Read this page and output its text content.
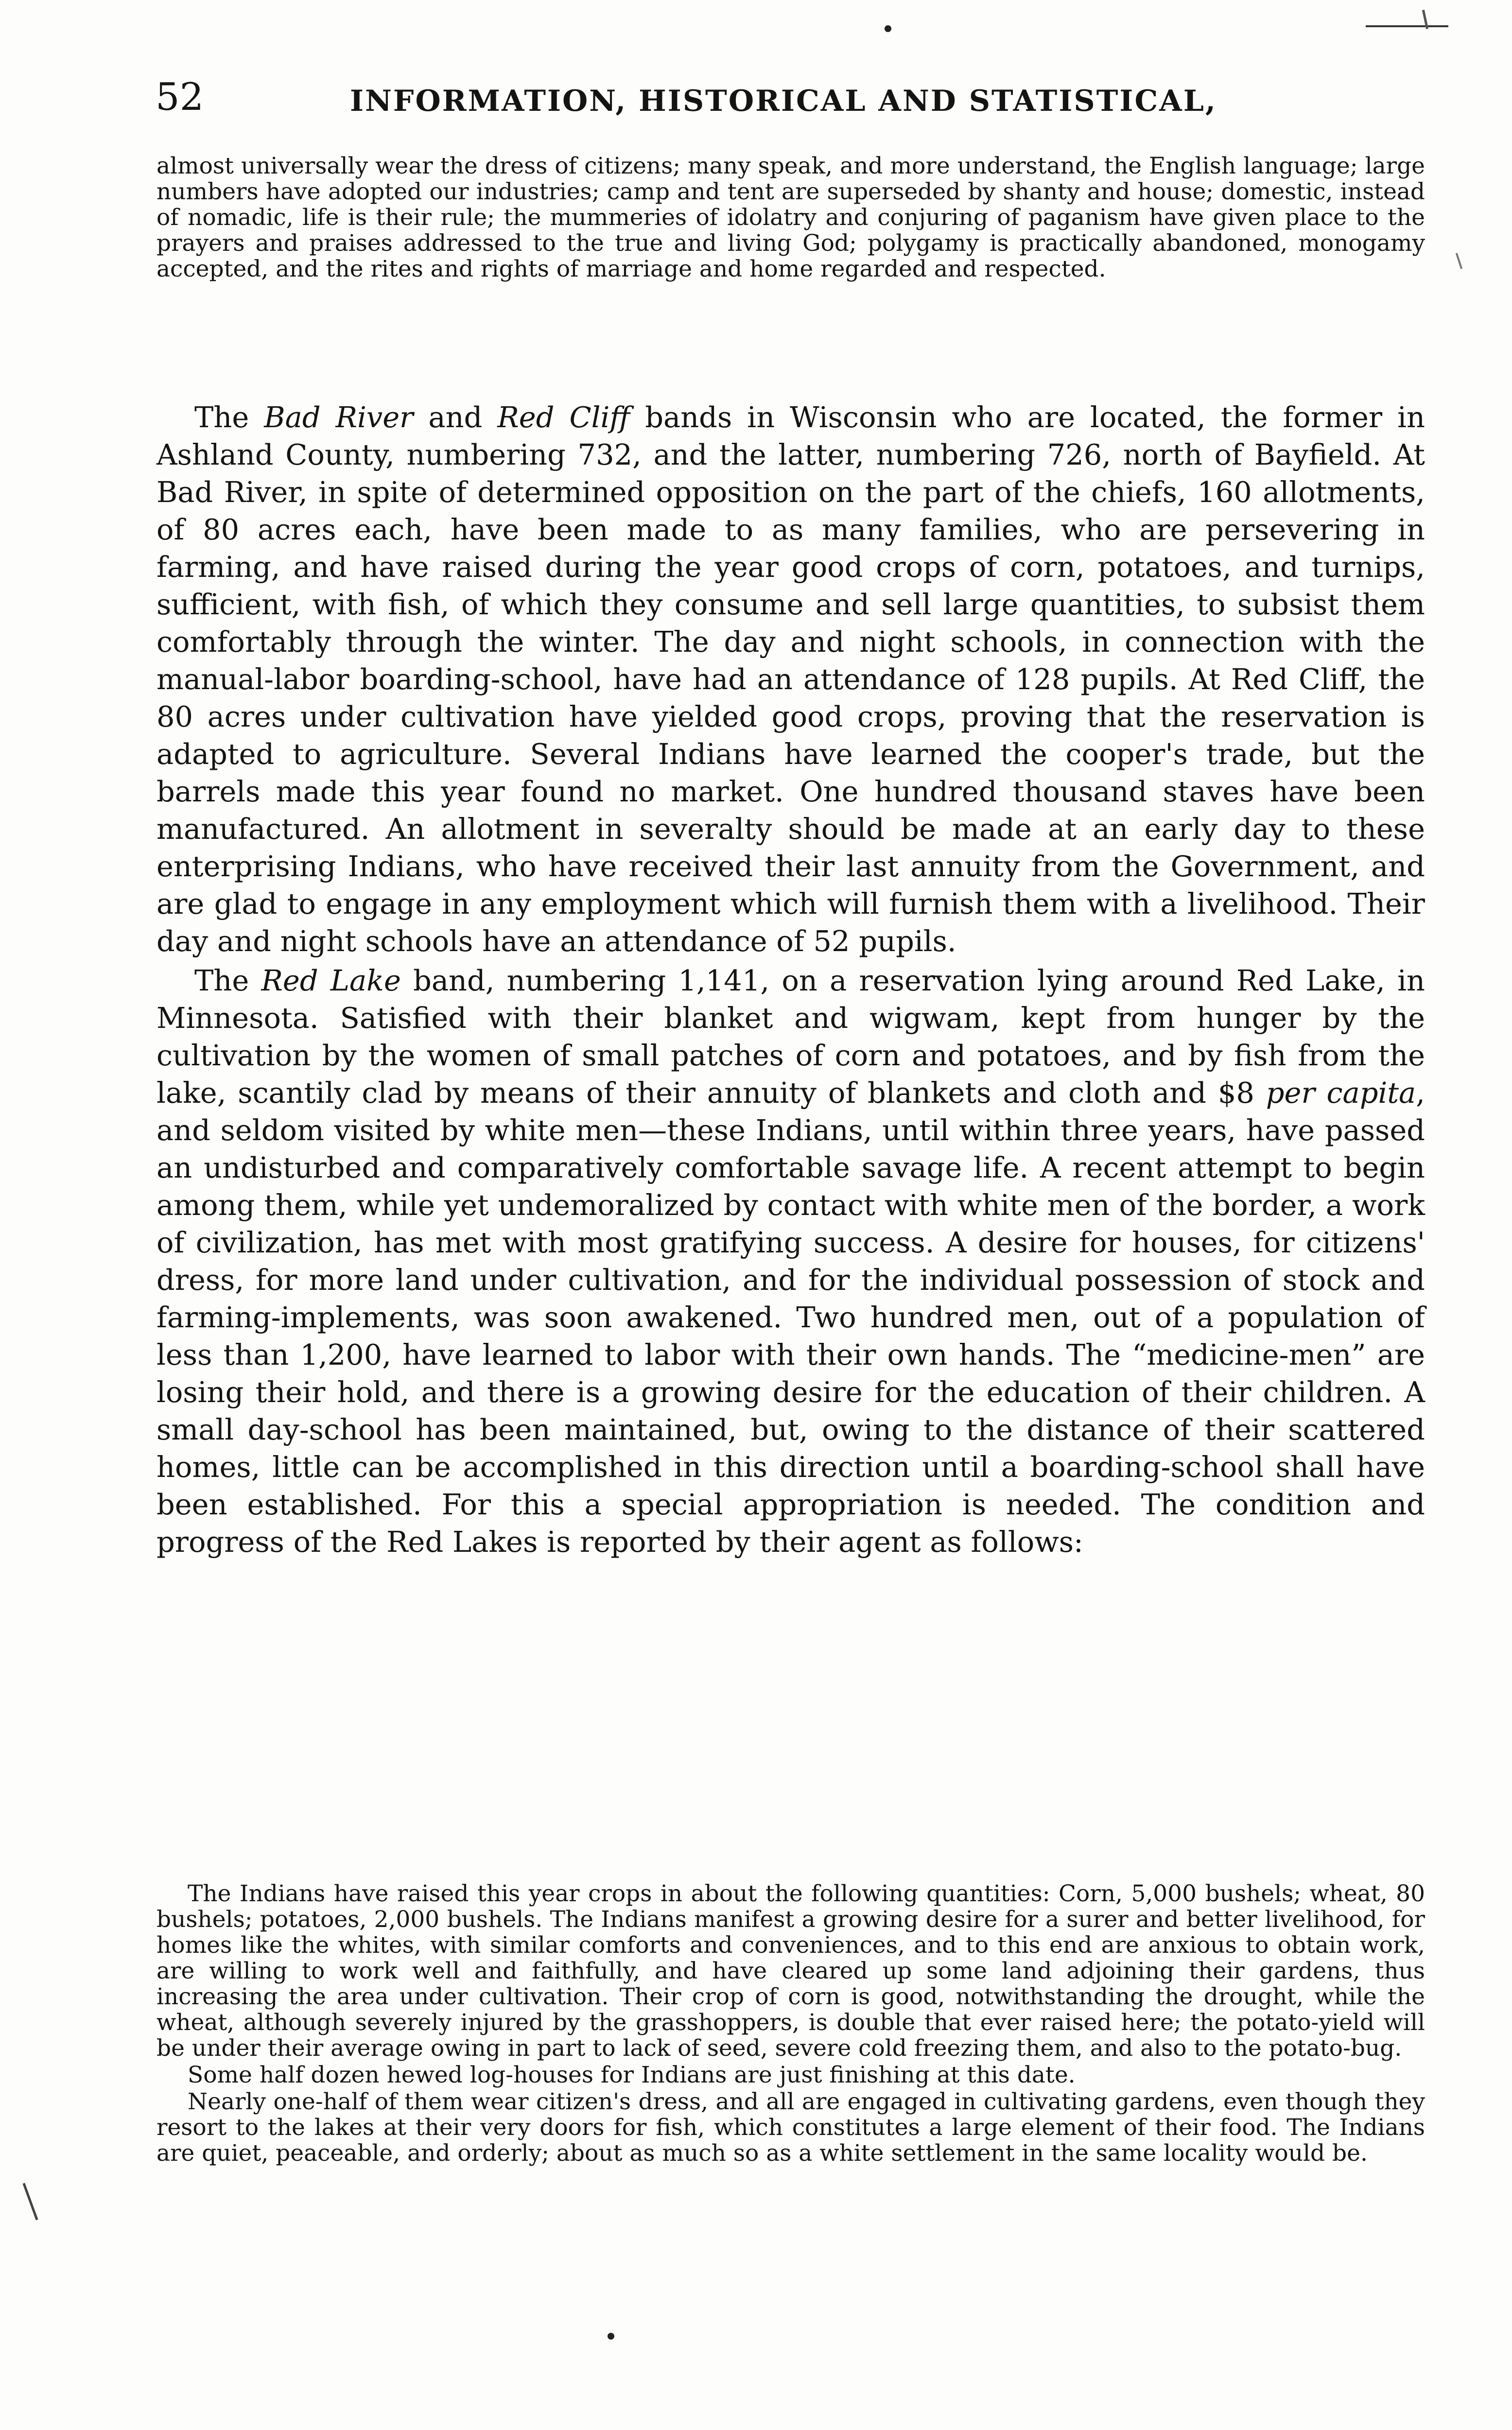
52	INFORMATION, HISTORICAL AND STATISTICAL,

almost universally wear the dress of citizens; many speak, and more understand, the English language; large numbers have adopted our industries; camp and tent are superseded by shanty and house; domestic, instead of nomadic, life is their rule; the mummeries of idolatry and conjuring of paganism have given place to the prayers and praises addressed to the true and living God; polygamy is practically abandoned, monogamy accepted, and the rites and rights of marriage and home regarded and respected.

The Bad River and Red Cliff bands in Wisconsin who are located, the former in Ashland County, numbering 732, and the latter, numbering 726, north of Bayfield. At Bad River, in spite of determined opposition on the part of the chiefs, 160 allotments, of 80 acres each, have been made to as many families, who are persevering in farming, and have raised during the year good crops of corn, potatoes, and turnips, sufficient, with fish, of which they consume and sell large quantities, to subsist them comfortably through the winter. The day and night schools, in connection with the manual-labor boarding-school, have had an attendance of 128 pupils. At Red Cliff, the 80 acres under cultivation have yielded good crops, proving that the reservation is adapted to agriculture. Several Indians have learned the cooper's trade, but the barrels made this year found no market. One hundred thousand staves have been manufactured. An allotment in severalty should be made at an early day to these enterprising Indians, who have received their last annuity from the Government, and are glad to engage in any employment which will furnish them with a livelihood. Their day and night schools have an attendance of 52 pupils.

The Red Lake band, numbering 1,141, on a reservation lying around Red Lake, in Minnesota. Satisfied with their blanket and wigwam, kept from hunger by the cultivation by the women of small patches of corn and potatoes, and by fish from the lake, scantily clad by means of their annuity of blankets and cloth and $8 per capita, and seldom visited by white men—these Indians, until within three years, have passed an undisturbed and comparatively comfortable savage life. A recent attempt to begin among them, while yet undemoralized by contact with white men of the border, a work of civilization, has met with most gratifying success. A desire for houses, for citizens' dress, for more land under cultivation, and for the individual possession of stock and farming-implements, was soon awakened. Two hundred men, out of a population of less than 1,200, have learned to labor with their own hands. The “medicine-men” are losing their hold, and there is a growing desire for the education of their children. A small day-school has been maintained, but, owing to the distance of their scattered homes, little can be accomplished in this direction until a boarding-school shall have been established. For this a special appropriation is needed. The condition and progress of the Red Lakes is reported by their agent as follows:

The Indians have raised this year crops in about the following quantities: Corn, 5,000 bushels; wheat, 80 bushels; potatoes, 2,000 bushels. The Indians manifest a growing desire for a surer and better livelihood, for homes like the whites, with similar comforts and conveniences, and to this end are anxious to obtain work, are willing to work well and faithfully, and have cleared up some land adjoining their gardens, thus increasing the area under cultivation. Their crop of corn is good, notwithstanding the drought, while the wheat, although severely injured by the grasshoppers, is double that ever raised here; the potato-yield will be under their average owing in part to lack of seed, severe cold freezing them, and also to the potato-bug.

Some half dozen hewed log-houses for Indians are just finishing at this date.

Nearly one-half of them wear citizen's dress, and all are engaged in cultivating gardens, even though they resort to the lakes at their very doors for fish, which constitutes a large element of their food. The Indians are quiet, peaceable, and orderly; about as much so as a white settlement in the same locality would be.
